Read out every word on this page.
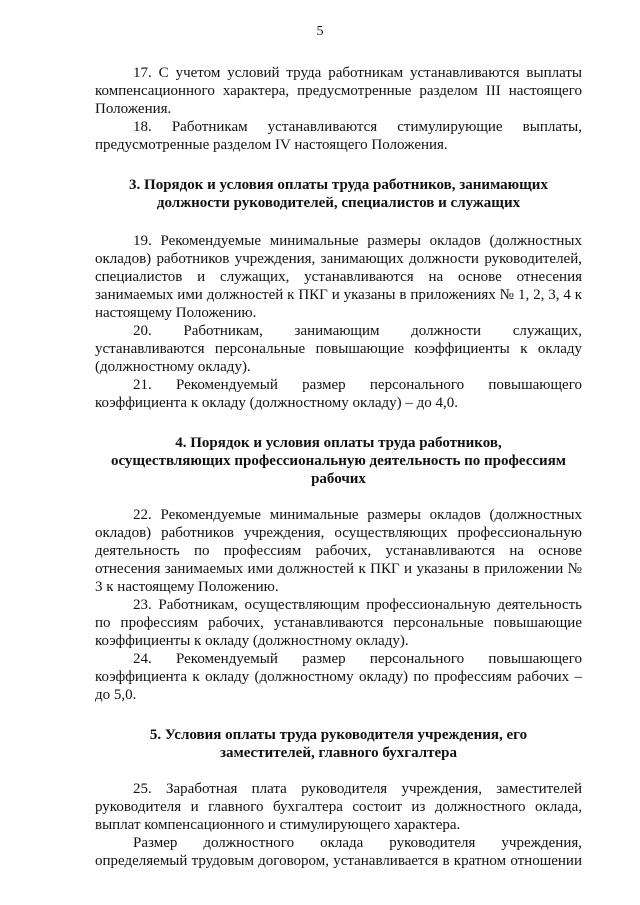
5

17. С учетом условий труда работникам устанавливаются выплаты компенсационного характера, предусмотренные разделом III настоящего Положения.

18. Работникам устанавливаются стимулирующие выплаты, предусмотренные разделом IV настоящего Положения.

3. Порядок и условия оплаты труда работников, занимающих

должности руководителей, специалистов и служащих

19. Рекомендуемые минимальные размеры окладов (должностных окладов) работников учреждения, занимающих должности руководителей, специалистов и служащих, устанавливаются на основе отнесения занимаемых ими должностей к ПКГ и указаны в приложениях № 1, 2, 3, 4 к настоящему Положению.

20. Работникам, занимающим должности служащих, устанавливаются персональные повышающие коэффициенты к окладу (должностному окладу).

21. Рекомендуемый размер персонального повышающего коэффициента к окладу (должностному окладу) – до 4,0.

4. Порядок и условия оплаты труда работников,

осуществляющих профессиональную деятельность по профессиям

рабочих

22. Рекомендуемые минимальные размеры окладов (должностных окладов) работников учреждения, осуществляющих профессиональную деятельность по профессиям рабочих, устанавливаются на основе отнесения занимаемых ими должностей к ПКГ и указаны в приложении № 3 к настоящему Положению.

23. Работникам, осуществляющим профессиональную деятельность по профессиям рабочих, устанавливаются персональные повышающие коэффициенты к окладу (должностному окладу).

24. Рекомендуемый размер персонального повышающего коэффициента к окладу (должностному окладу) по профессиям рабочих – до 5,0.

5. Условия оплаты труда руководителя учреждения, его

заместителей, главного бухгалтера

25. Заработная плата руководителя учреждения, заместителей руководителя и главного бухгалтера состоит из должностного оклада, выплат компенсационного и стимулирующего характера.

Размер должностного оклада руководителя учреждения, определяемый трудовым договором, устанавливается в кратном отношении
